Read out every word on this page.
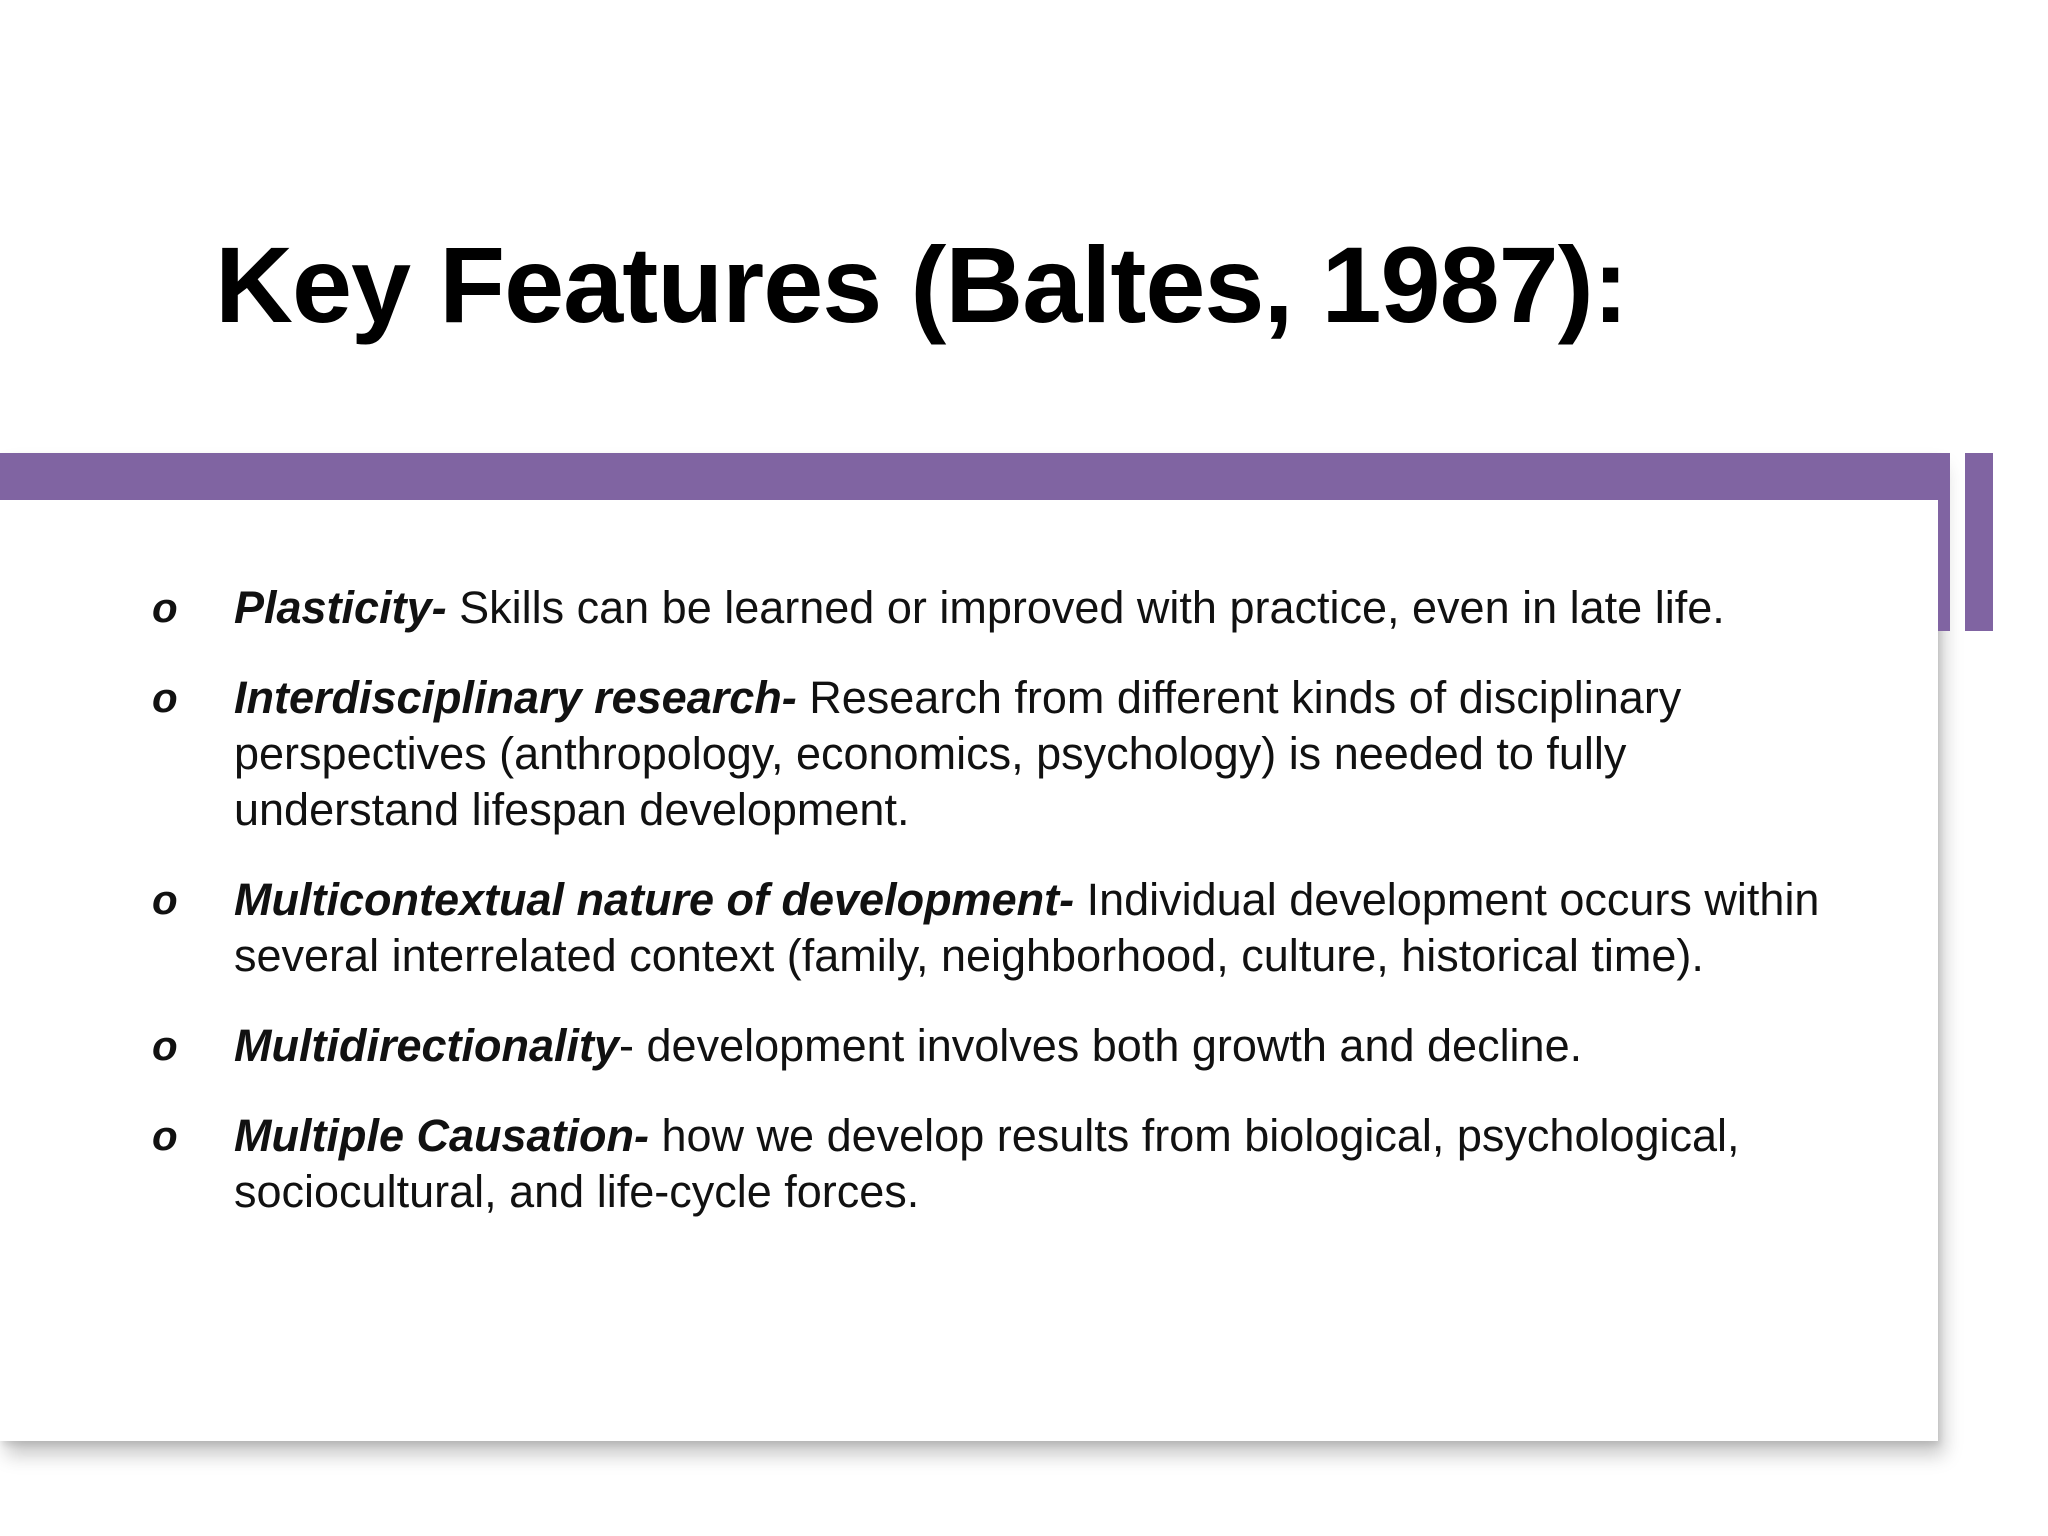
Key Features (Baltes, 1987):
o Plasticity- Skills can be learned or improved with practice, even in late life.
o Interdisciplinary research- Research from different kinds of disciplinary perspectives (anthropology, economics, psychology) is needed to fully understand lifespan development.
o Multicontextual nature of development- Individual development occurs within several interrelated context (family, neighborhood, culture, historical time).
o Multidirectionality- development involves both growth and decline.
o Multiple Causation- how we develop results from biological, psychological, sociocultural, and life-cycle forces.
